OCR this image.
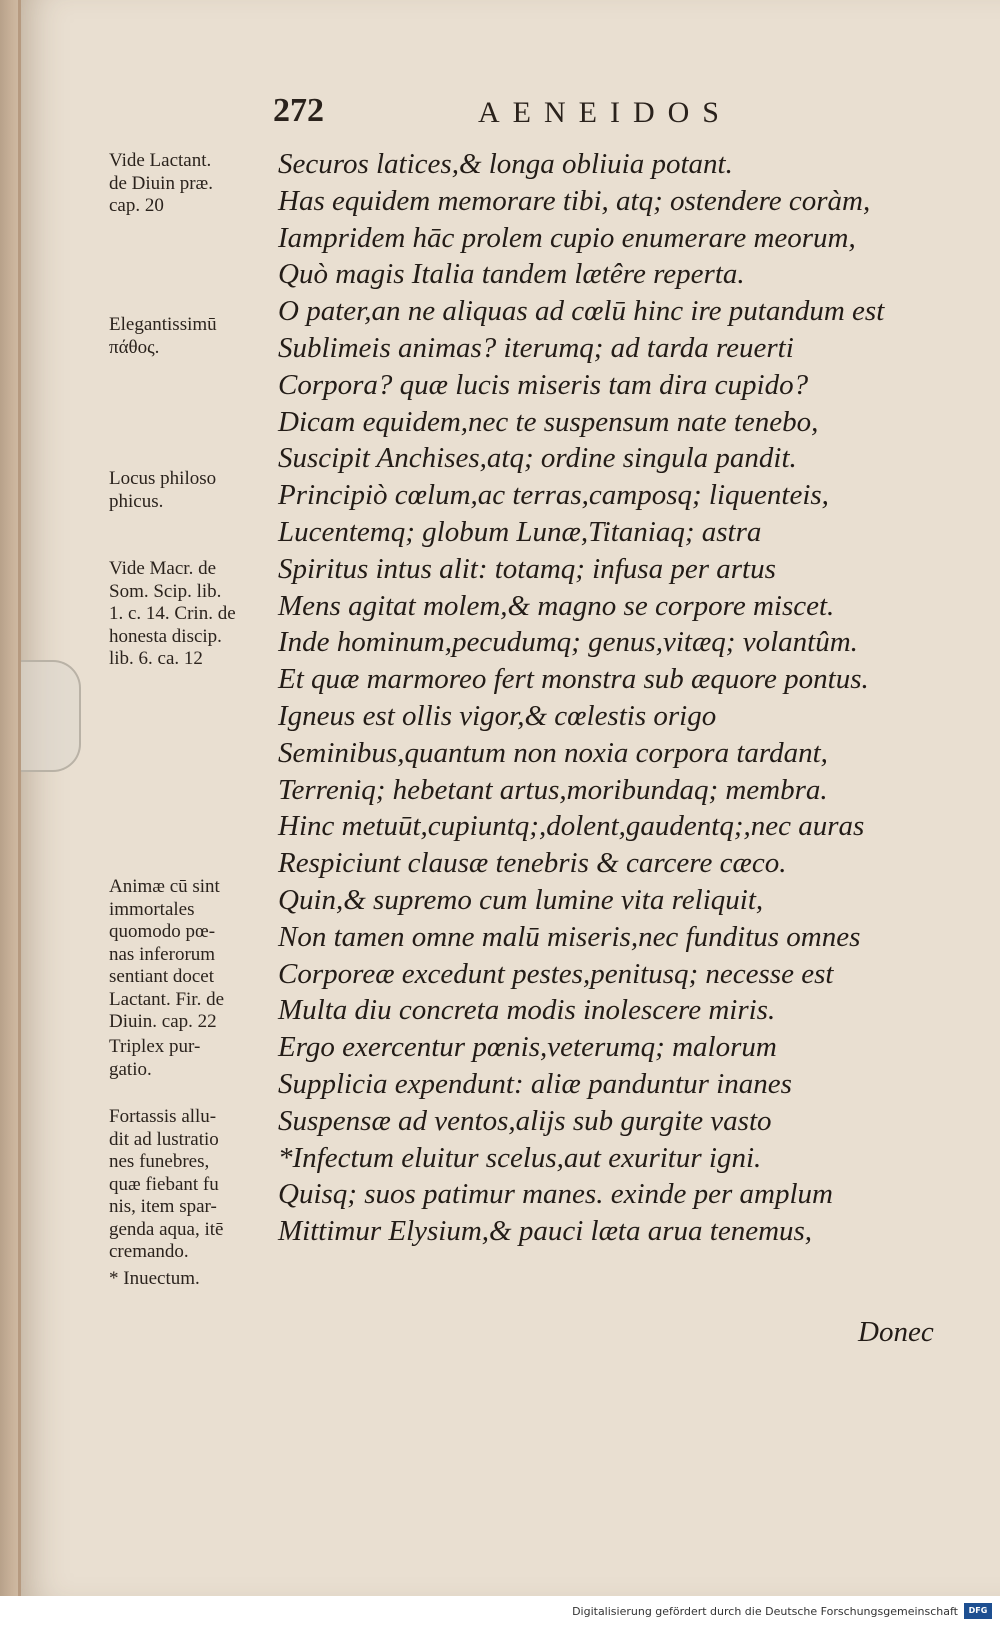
272	AENEIDOS
Securos latices,& longa obliuia potant.
Has equidem memorare tibi, atq; ostendere coràm,
Iampridem hāc prolem cupio enumerare meorum,
Quò magis Italia tandem lætêre reperta.
O pater,an ne aliquas ad cœlū hinc ire putandum est
Sublimeis animas? iterumq; ad tarda reuerti
Corpora? quæ lucis miseris tam dira cupido?
Dicam equidem,nec te suspensum nate tenebo,
Suscipit Anchises,atq; ordine singula pandit.
Principiò cœlum,ac terras,camposq; liquenteis,
Lucentemq; globum Lunæ,Titaniaq; astra
Spiritus intus alit: totamq; infusa per artus
Mens agitat molem,& magno se corpore miscet.
Inde hominum,pecudumq; genus,vitæq; volantûm.
Et quæ marmoreo fert monstra sub æquore pontus.
Igneus est ollis vigor,& cœlestis origo
Seminibus,quantum non noxia corpora tardant,
Terreniq; hebetant artus,moribundaq; membra.
Hinc metuūt,cupiuntq;,dolent,gaudentq;,nec auras
Respiciunt clausæ tenebris & carcere cæco.
Quin,& supremo cum lumine vita reliquit,
Non tamen omne malū miseris,nec funditus omnes
Corporeæ excedunt pestes,penitusq; necesse est
Multa diu concreta modis inolescere miris.
Ergo exercentur pœnis,veterumq; malorum
Supplicia expendunt: aliæ panduntur inanes
Suspensæ ad ventos,alijs sub gurgite vasto
*Infectum eluitur scelus,aut exuritur igni.
Quisq; suos patimur manes. exinde per amplum
Mittimur Elysium,& pauci læta arua tenemus,
Donec
Vide Lactant.
de Diuin præ.
cap. 20
Elegantissimū
πάθος.
Locus philoso
phicus.
Vide Macr. de
Som. Scip. lib.
1. c. 14. Crin. de
honesta discip.
lib. 6. ca. 12
Animæ cū sint
immortales
quomodo pœ-
nas inferorum
sentiant docet
Lactant. Fir. de
Diuin. cap. 22
Triplex pur-
gatio.
Fortassis allu-
dit ad lustratio
nes funebres,
quæ fiebant fu
nis, item spar-
genda aqua, itē
cremando.
* Inuectum.
Digitalisierung gefördert durch die Deutsche Forschungsgemeinschaft	DFG
